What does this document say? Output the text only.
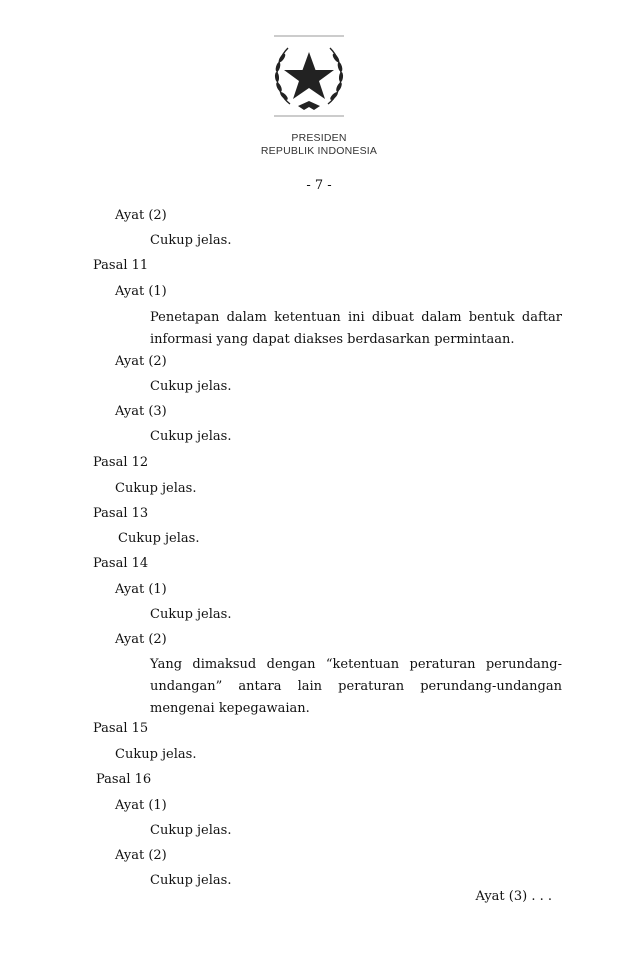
PRESIDEN
REPUBLIK INDONESIA
- 7 -
Ayat (2)
Cukup jelas.
Pasal 11
Ayat (1)
Penetapan dalam ketentuan ini dibuat dalam bentuk daftar informasi yang dapat diakses berdasarkan permintaan.
Ayat (2)
Cukup jelas.
Ayat (3)
Cukup jelas.
Pasal 12
Cukup jelas.
Pasal 13
Cukup jelas.
Pasal 14
Ayat (1)
Cukup jelas.
Ayat (2)
Yang dimaksud dengan “ketentuan peraturan perundang-undangan” antara lain peraturan perundang-undangan mengenai kepegawaian.
Pasal 15
Cukup jelas.
Pasal 16
Ayat (1)
Cukup jelas.
Ayat (2)
Cukup jelas.
Ayat (3) . . .
